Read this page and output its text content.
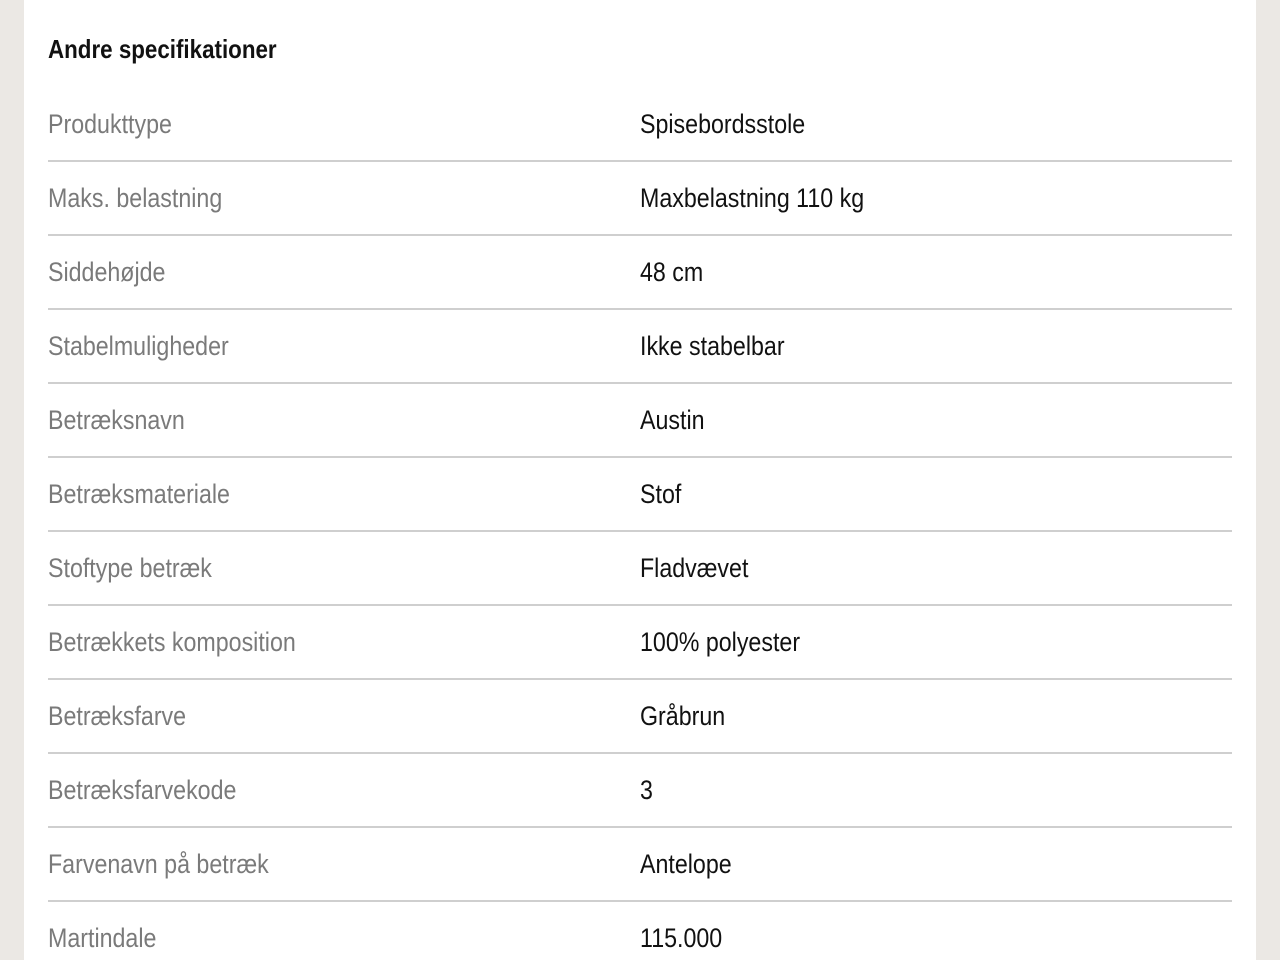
Andre specifikationer
Produkttype	Spisebordsstole
Maks. belastning	Maxbelastning 110 kg
Siddehøjde	48 cm
Stabelmuligheder	Ikke stabelbar
Betræksnavn	Austin
Betræksmateriale	Stof
Stoftype betræk	Fladvævet
Betrækkets komposition	100% polyester
Betræksfarve	Gråbrun
Betræksfarvekode	3
Farvenavn på betræk	Antelope
Martindale	115.000
